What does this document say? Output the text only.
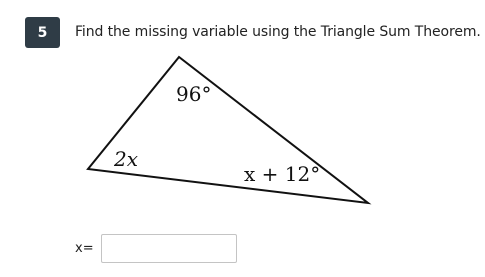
5 Find the missing variable using the Triangle Sum Theorem.
96°
2x
x + 12°
x=
